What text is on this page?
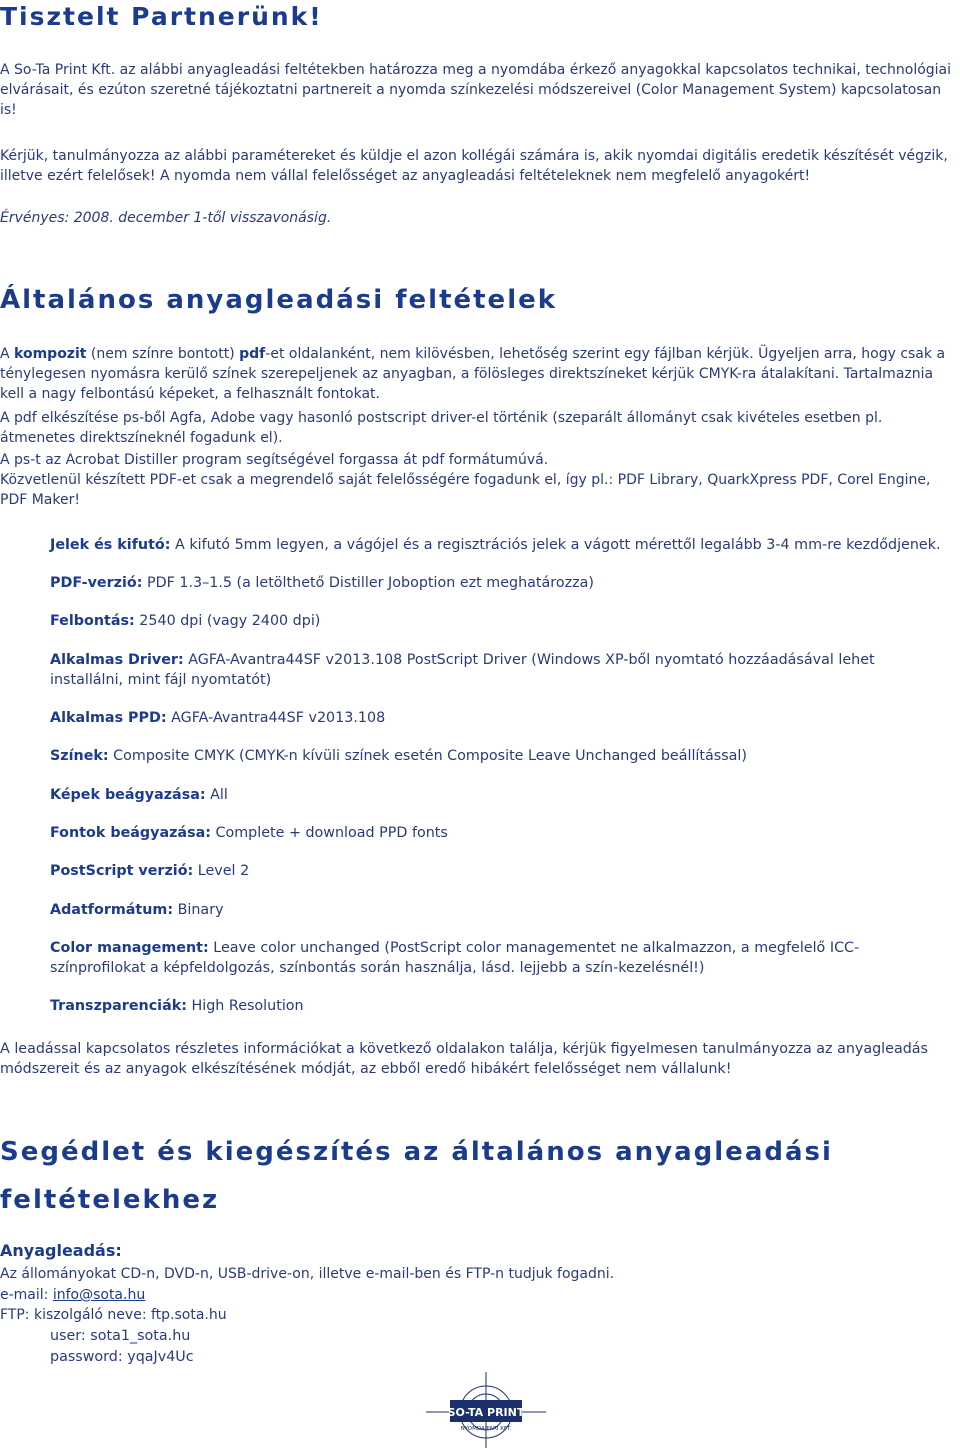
Tisztelt Partnerünk!

A So-Ta Print Kft. az alábbi anyagleadási feltétekben határozza meg a nyomdába érkező anyagokkal kapcsolatos technikai, technológiai elvárásait, és ezúton szeretné tájékoztatni partnereit a nyomda színkezelési módszereivel (Color Management System) kapcsolatosan is!

Kérjük, tanulmányozza az alábbi paramétereket és küldje el azon kollégái számára is, akik nyomdai digitális eredetik készítését végzik, illetve ezért felelősek! A nyomda nem vállal felelősséget az anyagleadási feltételeknek nem megfelelő anyagokért!

Érvényes: 2008. december 1-től visszavonásig.

Általános anyagleadási feltételek

A kompozit (nem színre bontott) pdf-et oldalanként, nem kilövésben, lehetőség szerint egy fájlban kérjük. Ügyeljen arra, hogy csak a ténylegesen nyomásra kerülő színek szerepeljenek az anyagban, a fölösleges direktszíneket kérjük CMYK-ra átalakítani. Tartalmaznia kell a nagy felbontású képeket, a felhasznált fontokat.

A pdf elkészítése ps-ből Agfa, Adobe vagy hasonló postscript driver-el történik (szeparált állományt csak kivételes esetben pl. átmenetes direktszíneknél fogadunk el).

A ps-t az Acrobat Distiller program segítségével forgassa át pdf formátumúvá.

Közvetlenül készített PDF-et csak a megrendelő saját felelősségére fogadunk el, így pl.: PDF Library, QuarkXpress PDF, Corel Engine, PDF Maker!

Jelek és kifutó: A kifutó 5mm legyen, a vágójel és a regisztrációs jelek a vágott mérettől legalább 3-4 mm-re kezdődjenek.

PDF-verzió: PDF 1.3–1.5 (a letölthető Distiller Joboption ezt meghatározza)

Felbontás: 2540 dpi (vagy 2400 dpi)

Alkalmas Driver: AGFA-Avantra44SF v2013.108 PostScript Driver (Windows XP-ből nyomtató hozzáadásával lehet installálni, mint fájl nyomtatót)

Alkalmas PPD: AGFA-Avantra44SF v2013.108

Színek: Composite CMYK (CMYK-n kívüli színek esetén Composite Leave Unchanged beállítással)

Képek beágyazása: All

Fontok beágyazása: Complete + download PPD fonts

PostScript verzió: Level 2

Adatformátum: Binary

Color management: Leave color unchanged (PostScript color managementet ne alkalmazzon, a megfelelő ICC-színprofilokat a képfeldolgozás, színbontás során használja, lásd. lejjebb a szín-kezelésnél!)

Transzparenciák: High Resolution

A leadással kapcsolatos részletes információkat a következő oldalakon találja, kérjük figyelmesen tanulmányozza az anyagleadás módszereit és az anyagok elkészítésének módját, az ebből eredő hibákért felelősséget nem vállalunk!

Segédlet és kiegészítés az általános anyagleadási feltételekhez
Anyagleadás:

Az állományokat CD-n, DVD-n, USB-drive-on, illetve e-mail-ben és FTP-n tudjuk fogadni.

e-mail: info@sota.hu

FTP: kiszolgáló neve: ftp.sota.hu

user: sota1_sota.hu

password: yqaJv4Uc

SO-TA PRINT
NYOMDAIPARI KFT.
